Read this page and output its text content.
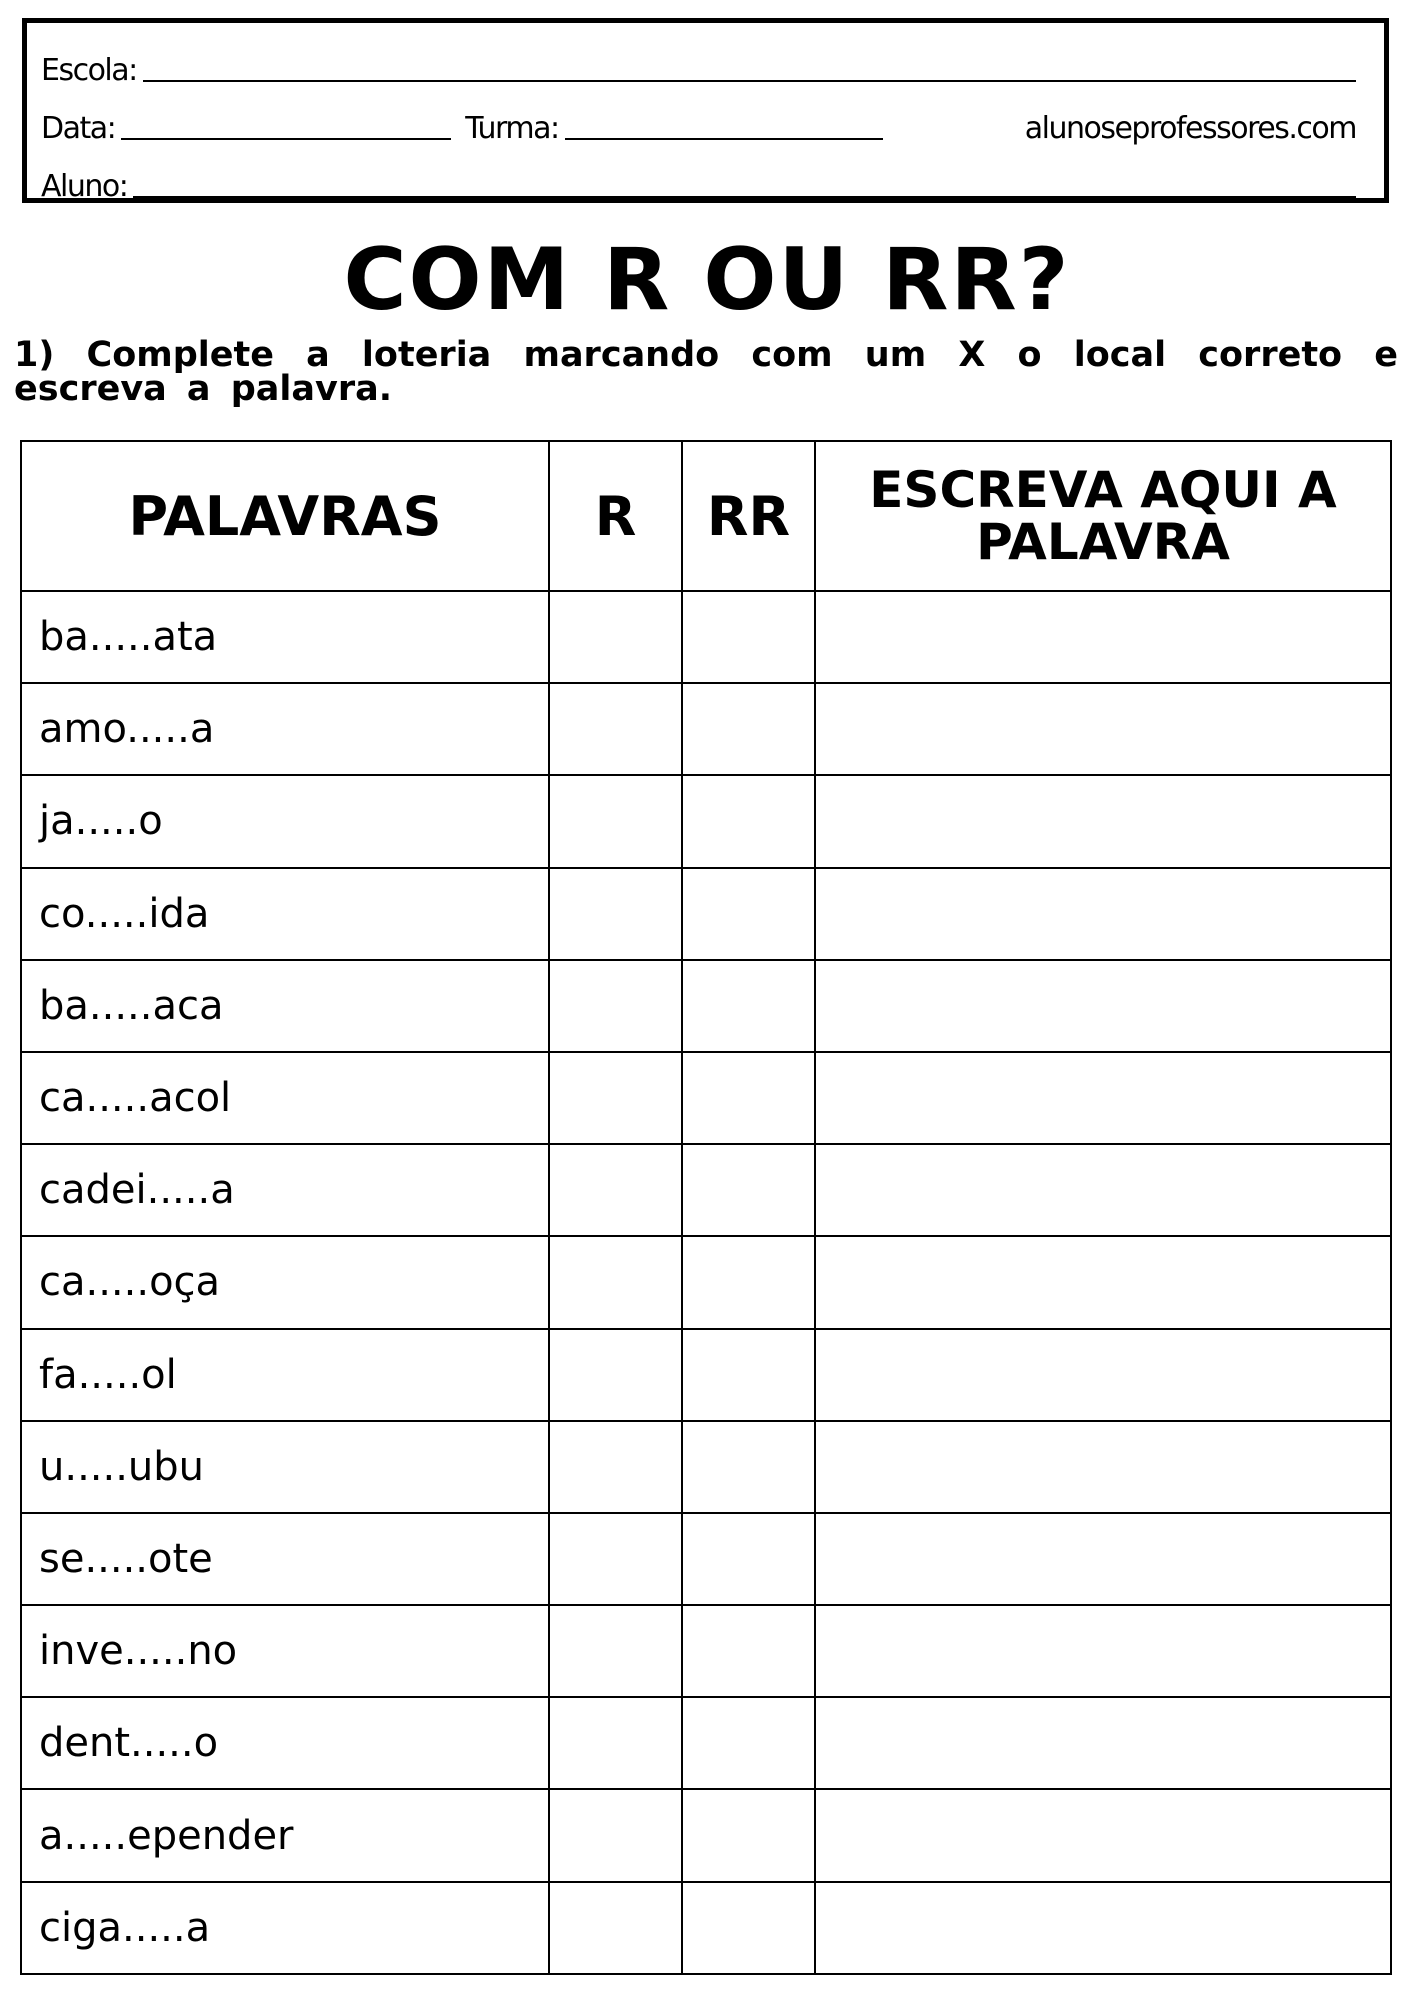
Escola:
Data:	Turma:	alunoseprofessores.com
Aluno:
COM R OU RR?
1) Complete a loteria marcando com um X o local correto e escreva a palavra.
PALAVRAS	R	RR	ESCREVA AQUI A PALAVRA
ba.....ata			
amo.....a			
ja.....o			
co.....ida			
ba.....aca			
ca.....acol			
cadei.....a			
ca.....oça			
fa.....ol			
u.....ubu			
se.....ote			
inve.....no			
dent.....o			
a.....epender			
ciga.....a			
